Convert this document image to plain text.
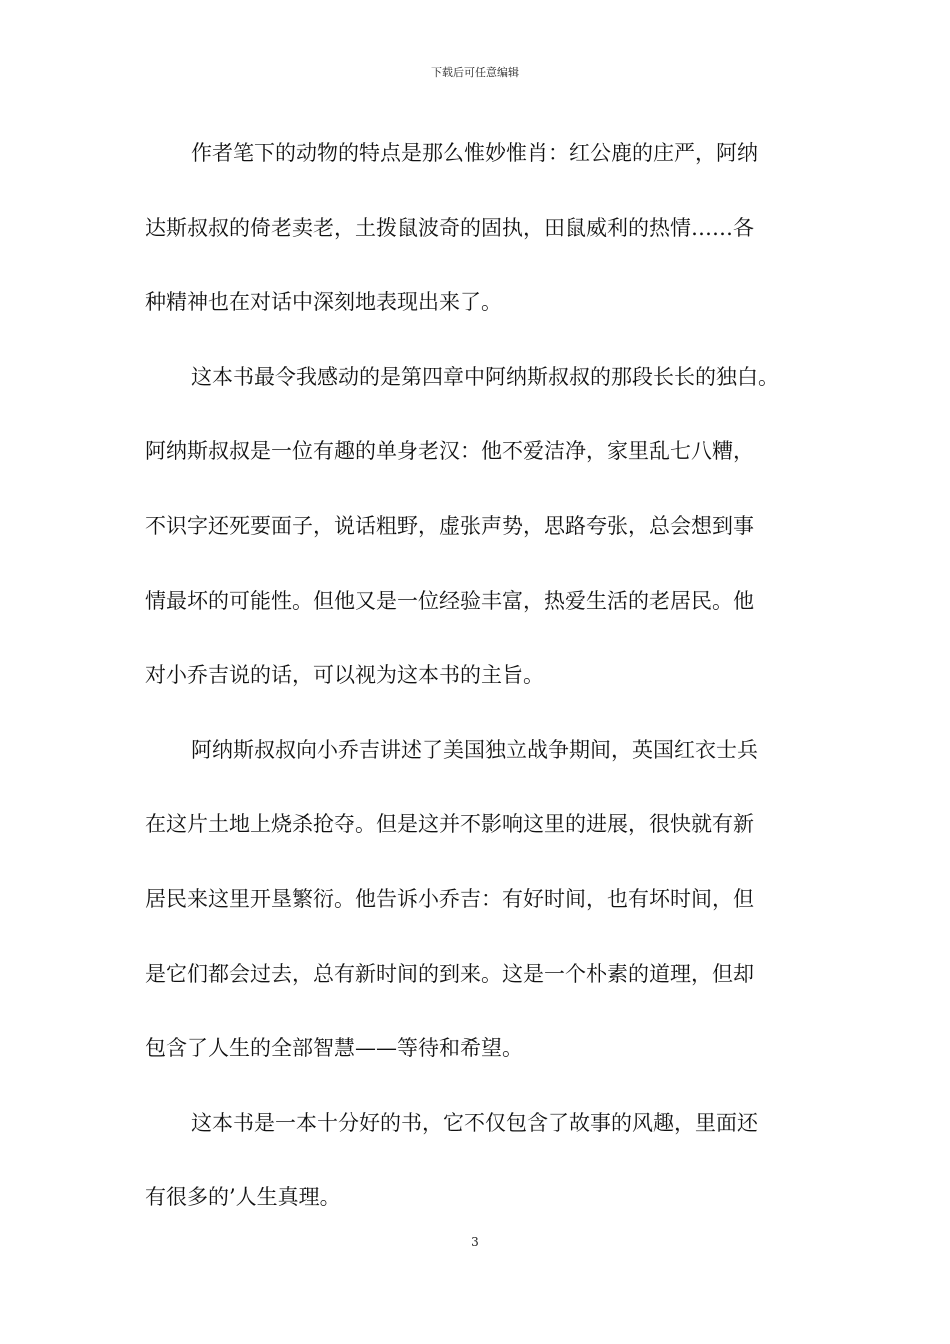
下载后可任意编辑
作者笔下的动物的特点是那么惟妙惟肖：红公鹿的庄严，阿纳
达斯叔叔的倚老卖老，土拨鼠波奇的固执，田鼠威利的热情……各
种精神也在对话中深刻地表现出来了。
这本书最令我感动的是第四章中阿纳斯叔叔的那段长长的独白。
阿纳斯叔叔是一位有趣的单身老汉：他不爱洁净，家里乱七八糟，
不识字还死要面子，说话粗野，虚张声势，思路夸张，总会想到事
情最坏的可能性。但他又是一位经验丰富，热爱生活的老居民。他
对小乔吉说的话，可以视为这本书的主旨。
阿纳斯叔叔向小乔吉讲述了美国独立战争期间，英国红衣士兵
在这片土地上烧杀抢夺。但是这并不影响这里的进展，很快就有新
居民来这里开垦繁衍。他告诉小乔吉：有好时间，也有坏时间，但
是它们都会过去，总有新时间的到来。这是一个朴素的道理，但却
包含了人生的全部智慧——等待和希望。
这本书是一本十分好的书，它不仅包含了故事的风趣，里面还
有很多的’人生真理。
3
